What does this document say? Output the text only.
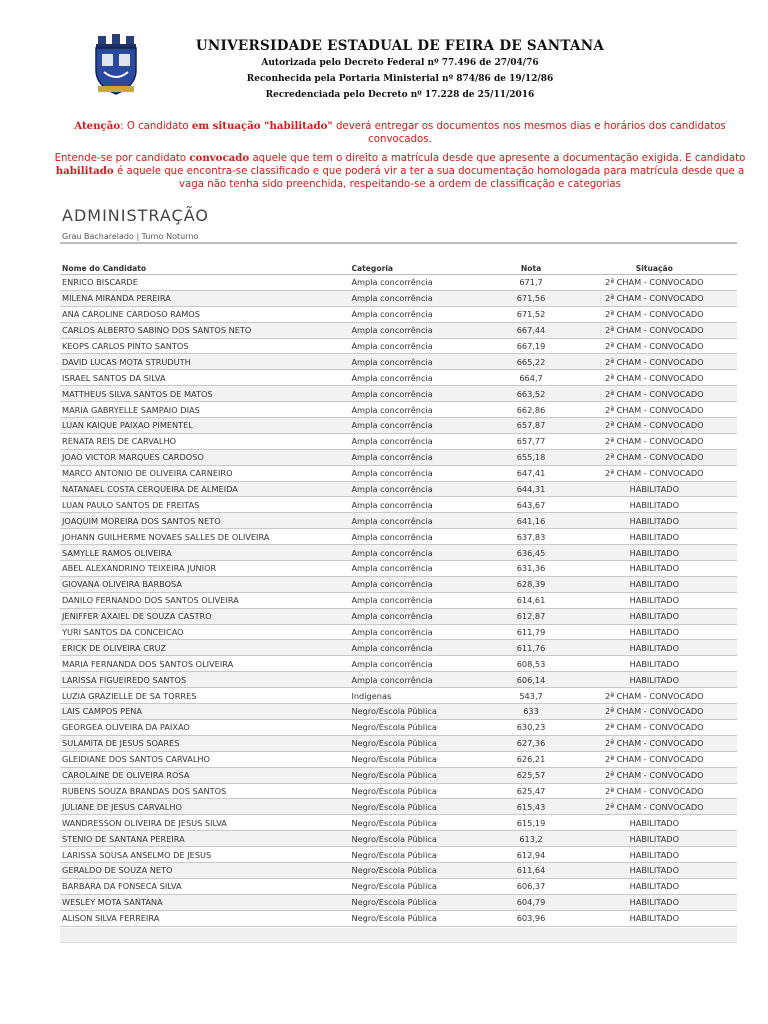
UNIVERSIDADE ESTADUAL DE FEIRA DE SANTANA
Autorizada pelo Decreto Federal nº 77.496 de 27/04/76
Reconhecida pela Portaria Ministerial nº 874/86 de 19/12/86
Recredenciada pelo Decreto nº 17.228 de 25/11/2016
Atenção: O candidato em situação "habilitado" deverá entregar os documentos nos mesmos dias e horários dos candidatos convocados.
Entende-se por candidato convocado aquele que tem o direito a matrícula desde que apresente a documentação exigida. E candidato habilitado é aquele que encontra-se classificado e que poderá vir a ter a sua documentação homologada para matrícula desde que a vaga não tenha sido preenchida, respeitando-se a ordem de classificação e categorias
ADMINISTRAÇÃO
Grau Bacharelado | Turno Noturno
Nome do Candidato	Categoria	Nota	Situação
ENRICO BISCARDE	Ampla concorrência	671,7	2ª CHAM - CONVOCADO
MILENA MIRANDA PEREIRA	Ampla concorrência	671,56	2ª CHAM - CONVOCADO
ANA CAROLINE CARDOSO RAMOS	Ampla concorrência	671,52	2ª CHAM - CONVOCADO
CARLOS ALBERTO SABINO DOS SANTOS NETO	Ampla concorrência	667,44	2ª CHAM - CONVOCADO
KEOPS CARLOS PINTO SANTOS	Ampla concorrência	667,19	2ª CHAM - CONVOCADO
DAVID LUCAS MOTA STRUDUTH	Ampla concorrência	665,22	2ª CHAM - CONVOCADO
ISRAEL SANTOS DA SILVA	Ampla concorrência	664,7	2ª CHAM - CONVOCADO
MATTHEUS SILVA SANTOS DE MATOS	Ampla concorrência	663,52	2ª CHAM - CONVOCADO
MARIA GABRYELLE SAMPAIO DIAS	Ampla concorrência	662,86	2ª CHAM - CONVOCADO
LUAN KAIQUE PAIXAO PIMENTEL	Ampla concorrência	657,87	2ª CHAM - CONVOCADO
RENATA REIS DE CARVALHO	Ampla concorrência	657,77	2ª CHAM - CONVOCADO
JOAO VICTOR MARQUES CARDOSO	Ampla concorrência	655,18	2ª CHAM - CONVOCADO
MARCO ANTONIO DE OLIVEIRA CARNEIRO	Ampla concorrência	647,41	2ª CHAM - CONVOCADO
NATANAEL COSTA CERQUEIRA DE ALMEIDA	Ampla concorrência	644,31	HABILITADO
LUAN PAULO SANTOS DE FREITAS	Ampla concorrência	643,67	HABILITADO
JOAQUIM MOREIRA DOS SANTOS NETO	Ampla concorrência	641,16	HABILITADO
JOHANN GUILHERME NOVAES SALLES DE OLIVEIRA	Ampla concorrência	637,83	HABILITADO
SAMYLLE RAMOS OLIVEIRA	Ampla concorrência	636,45	HABILITADO
ABEL ALEXANDRINO TEIXEIRA JUNIOR	Ampla concorrência	631,36	HABILITADO
GIOVANA OLIVEIRA BARBOSA	Ampla concorrência	628,39	HABILITADO
DANILO FERNANDO DOS SANTOS OLIVEIRA	Ampla concorrência	614,61	HABILITADO
JENIFFER AXAIEL DE SOUZA CASTRO	Ampla concorrência	612,87	HABILITADO
YURI SANTOS DA CONCEICAO	Ampla concorrência	611,79	HABILITADO
ERICK DE OLIVEIRA CRUZ	Ampla concorrência	611,76	HABILITADO
MARIA FERNANDA DOS SANTOS OLIVEIRA	Ampla concorrência	608,53	HABILITADO
LARISSA FIGUEIREDO SANTOS	Ampla concorrência	606,14	HABILITADO
LUZIA GRAZIELLE DE SA TORRES	Indígenas	543,7	2ª CHAM - CONVOCADO
LAIS CAMPOS PENA	Negro/Escola Pública	633	2ª CHAM - CONVOCADO
GEORGEA OLIVEIRA DA PAIXAO	Negro/Escola Pública	630,23	2ª CHAM - CONVOCADO
SULAMITA DE JESUS SOARES	Negro/Escola Pública	627,36	2ª CHAM - CONVOCADO
GLEIDIANE DOS SANTOS CARVALHO	Negro/Escola Pública	626,21	2ª CHAM - CONVOCADO
CAROLAINE DE OLIVEIRA ROSA	Negro/Escola Pública	625,57	2ª CHAM - CONVOCADO
RUBENS SOUZA BRANDAS DOS SANTOS	Negro/Escola Pública	625,47	2ª CHAM - CONVOCADO
JULIANE DE JESUS CARVALHO	Negro/Escola Pública	615,43	2ª CHAM - CONVOCADO
WANDRESSON OLIVEIRA DE JESUS SILVA	Negro/Escola Pública	615,19	HABILITADO
STENIO DE SANTANA PEREIRA	Negro/Escola Pública	613,2	HABILITADO
LARISSA SOUSA ANSELMO DE JESUS	Negro/Escola Pública	612,94	HABILITADO
GERALDO DE SOUZA NETO	Negro/Escola Pública	611,64	HABILITADO
BARBARA DA FONSECA SILVA	Negro/Escola Pública	606,37	HABILITADO
WESLEY MOTA SANTANA	Negro/Escola Pública	604,79	HABILITADO
ALISON SILVA FERREIRA	Negro/Escola Pública	603,96	HABILITADO
